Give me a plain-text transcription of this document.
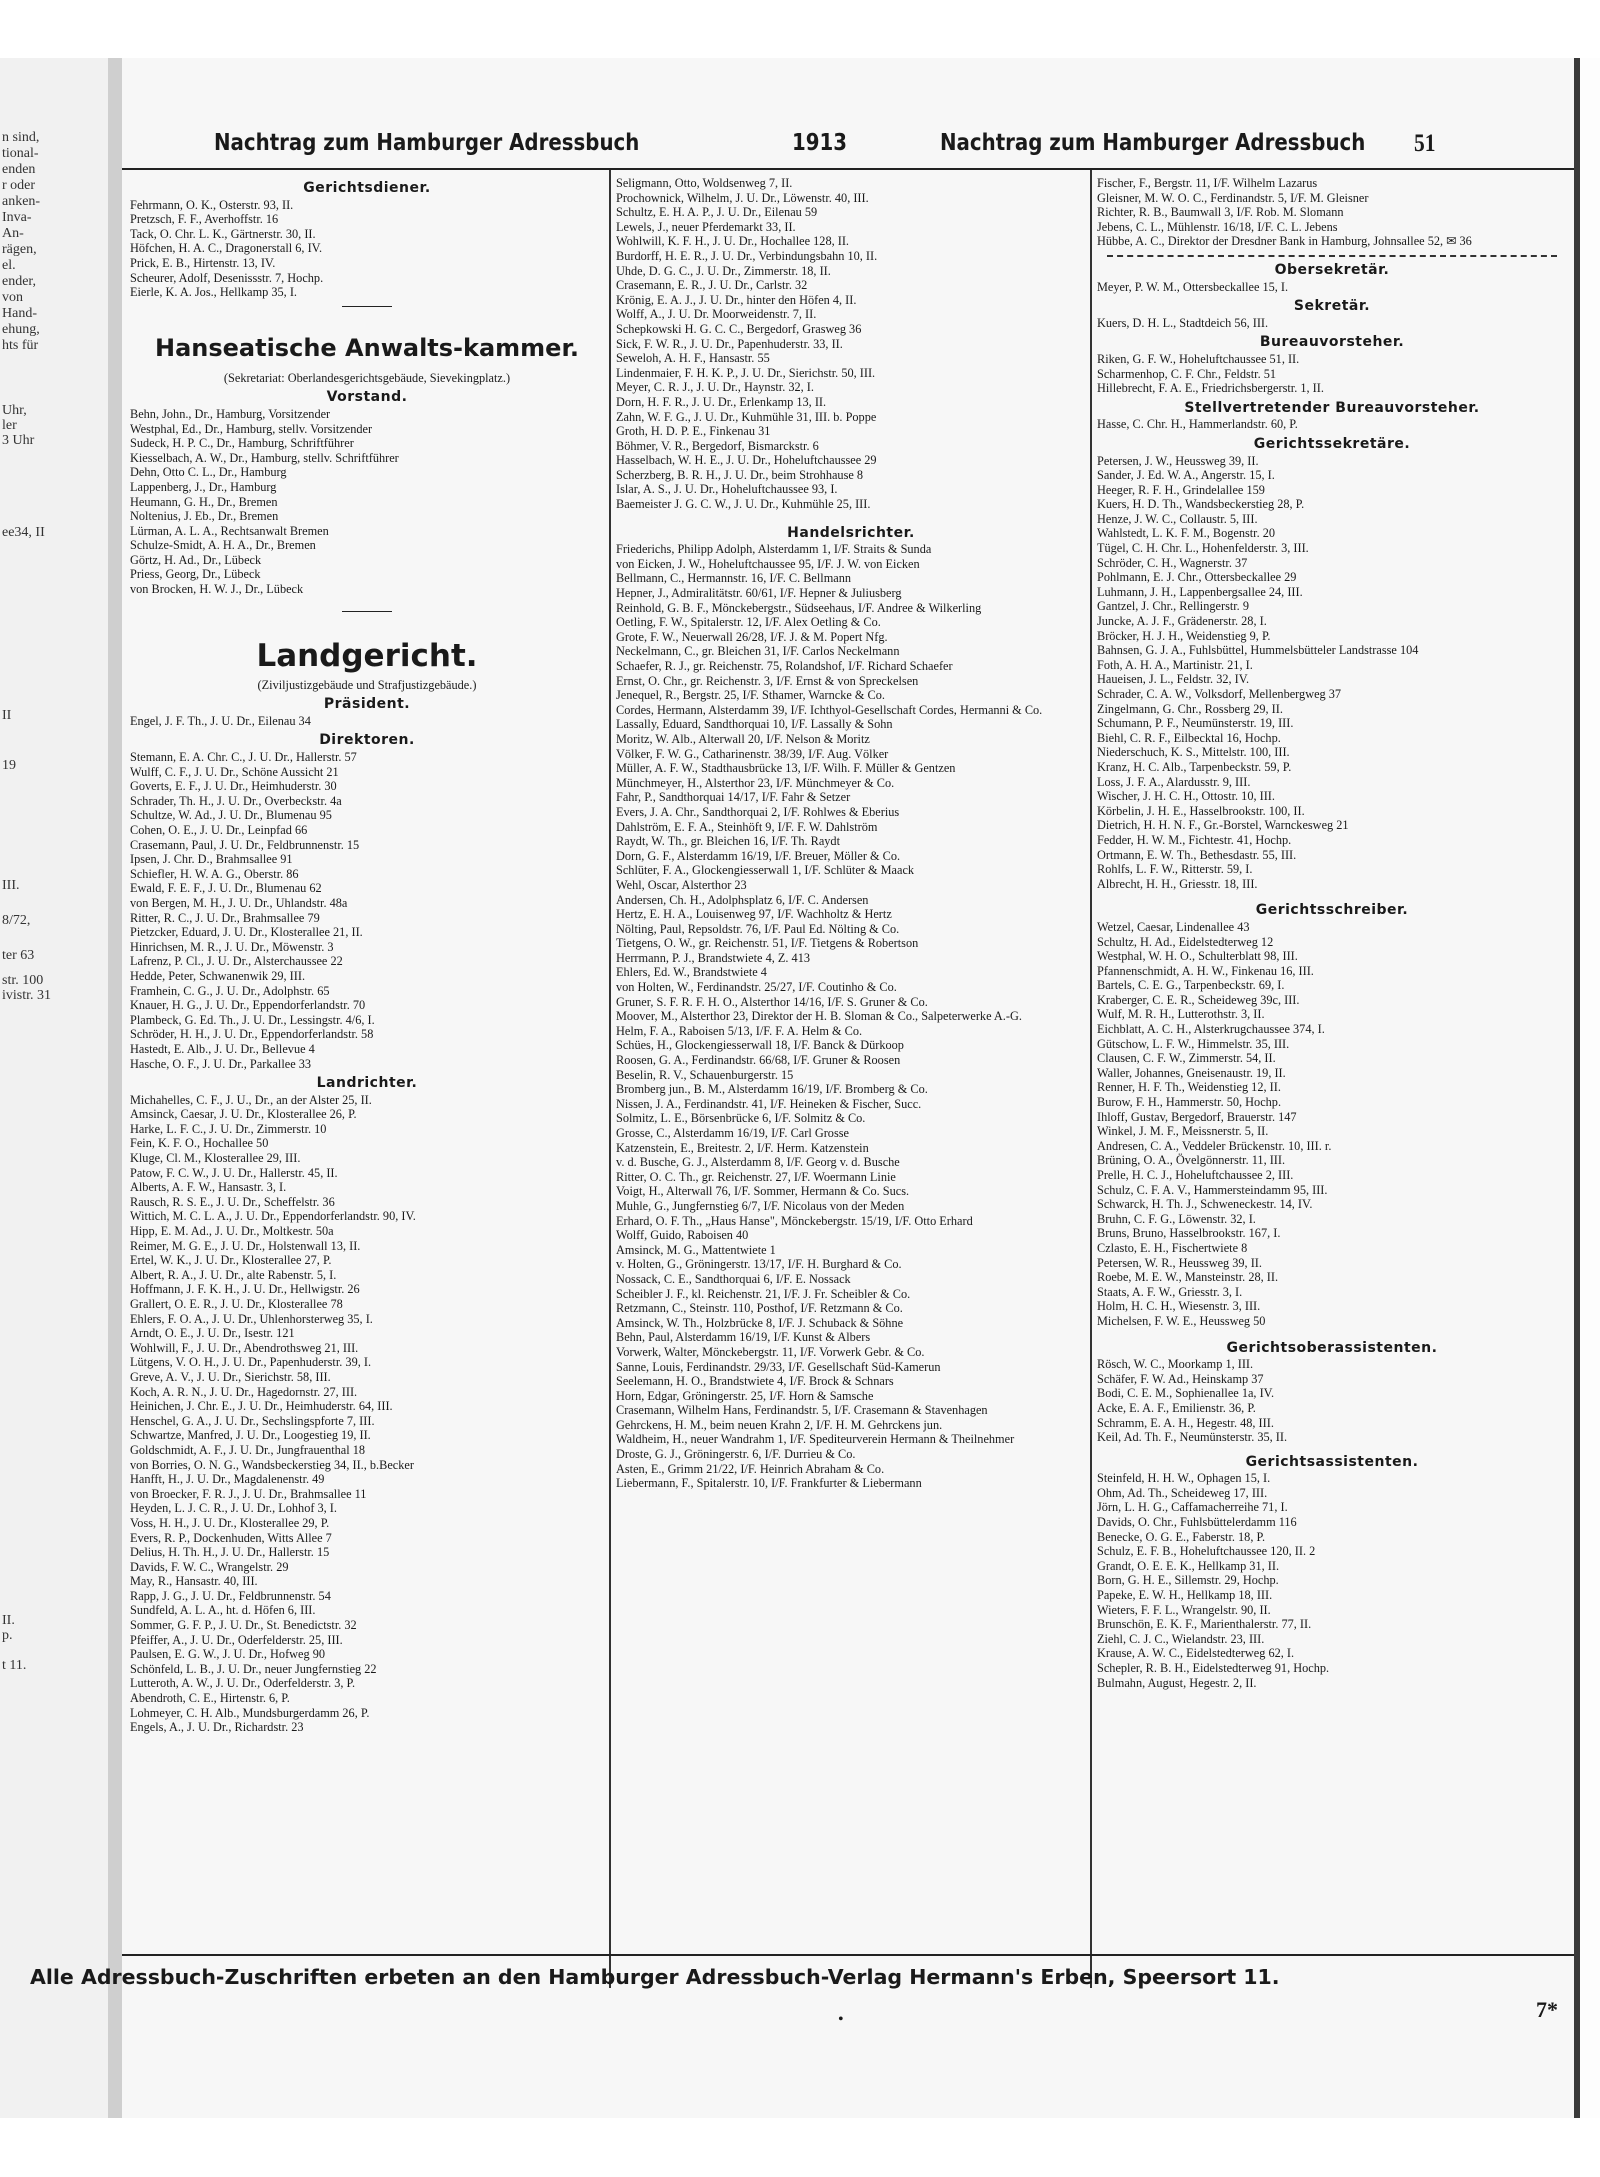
n sind,
tional-
enden
r oder
anken-
Inva-
An-
rägen,
el.
ender,
von
Hand-
ehung,
hts für
Uhr,
ler
3 Uhr
ee34, II
II
19
III.
8/72,
ter 63
str. 100
ivistr. 31
II.
p.
t 11.
Nachtrag zum Hamburger Adressbuch	1913	Nachtrag zum Hamburger Adressbuch 51
Gerichtsdiener.
Fehrmann, O. K., Osterstr. 93, II.
Pretzsch, F. F., Averhoffstr. 16
Tack, O. Chr. L. K., Gärtnerstr. 30, II.
Höfchen, H. A. C., Dragonerstall 6, IV.
Prick, E. B., Hirtenstr. 13, IV.
Scheurer, Adolf, Desenissstr. 7, Hochp.
Eierle, K. A. Jos., Hellkamp 35, I.
Hanseatische Anwalts-kammer.
(Sekretariat: Oberlandesgerichtsgebäude, Sievekingplatz.)
Vorstand.
Behn, John., Dr., Hamburg, Vorsitzender
Westphal, Ed., Dr., Hamburg, stellv. Vorsitzender
Sudeck, H. P. C., Dr., Hamburg, Schriftführer
Kiesselbach, A. W., Dr., Hamburg, stellv. Schriftführer
Dehn, Otto C. L., Dr., Hamburg
Lappenberg, J., Dr., Hamburg
Heumann, G. H., Dr., Bremen
Noltenius, J. Eb., Dr., Bremen
Lürman, A. L. A., Rechtsanwalt Bremen
Schulze-Smidt, A. H. A., Dr., Bremen
Görtz, H. Ad., Dr., Lübeck
Priess, Georg, Dr., Lübeck
von Brocken, H. W. J., Dr., Lübeck
Landgericht.
(Ziviljustizgebäude und Strafjustizgebäude.)
Präsident.
Engel, J. F. Th., J. U. Dr., Eilenau 34
Direktoren.
Stemann, E. A. Chr. C., J. U. Dr., Hallerstr. 57
Wulff, C. F., J. U. Dr., Schöne Aussicht 21
Goverts, E. F., J. U. Dr., Heimhuderstr. 30
Schrader, Th. H., J. U. Dr., Overbeckstr. 4a
Schultze, W. Ad., J. U. Dr., Blumenau 95
Cohen, O. E., J. U. Dr., Leinpfad 66
Crasemann, Paul, J. U. Dr., Feldbrunnenstr. 15
Ipsen, J. Chr. D., Brahmsallee 91
Schiefler, H. W. A. G., Oberstr. 86
Ewald, F. E. F., J. U. Dr., Blumenau 62
von Bergen, M. H., J. U. Dr., Uhlandstr. 48a
Ritter, R. C., J. U. Dr., Brahmsallee 79
Pietzcker, Eduard, J. U. Dr., Klosterallee 21, II.
Hinrichsen, M. R., J. U. Dr., Möwenstr. 3
Lafrenz, P. Cl., J. U. Dr., Alsterchaussee 22
Hedde, Peter, Schwanenwik 29, III.
Framhein, C. G., J. U. Dr., Adolphstr. 65
Knauer, H. G., J. U. Dr., Eppendorferlandstr. 70
Plambeck, G. Ed. Th., J. U. Dr., Lessingstr. 4/6, I.
Schröder, H. H., J. U. Dr., Eppendorferlandstr. 58
Hastedt, E. Alb., J. U. Dr., Bellevue 4
Hasche, O. F., J. U. Dr., Parkallee 33
Landrichter.
Michahelles, C. F., J. U., Dr., an der Alster 25, II.
Amsinck, Caesar, J. U. Dr., Klosterallee 26, P.
Harke, L. F. C., J. U. Dr., Zimmerstr. 10
Fein, K. F. O., Hochallee 50
Kluge, Cl. M., Klosterallee 29, III.
Patow, F. C. W., J. U. Dr., Hallerstr. 45, II.
Alberts, A. F. W., Hansastr. 3, I.
Rausch, R. S. E., J. U. Dr., Scheffelstr. 36
Wittich, M. C. L. A., J. U. Dr., Eppendorferlandstr. 90, IV.
Hipp, E. M. Ad., J. U. Dr., Moltkestr. 50a
Reimer, M. G. E., J. U. Dr., Holstenwall 13, II.
Ertel, W. K., J. U. Dr., Klosterallee 27, P.
Albert, R. A., J. U. Dr., alte Rabenstr. 5, I.
Hoffmann, J. F. K. H., J. U. Dr., Hellwigstr. 26
Grallert, O. E. R., J. U. Dr., Klosterallee 78
Ehlers, F. O. A., J. U. Dr., Uhlenhorsterweg 35, I.
Arndt, O. E., J. U. Dr., Isestr. 121
Wohlwill, F., J. U. Dr., Abendrothsweg 21, III.
Lütgens, V. O. H., J. U. Dr., Papenhuderstr. 39, I.
Greve, A. V., J. U. Dr., Sierichstr. 58, III.
Koch, A. R. N., J. U. Dr., Hagedornstr. 27, III.
Heinichen, J. Chr. E., J. U. Dr., Heimhuderstr. 64, III.
Henschel, G. A., J. U. Dr., Sechslingspforte 7, III.
Schwartze, Manfred, J. U. Dr., Loogestieg 19, II.
Goldschmidt, A. F., J. U. Dr., Jungfrauenthal 18
von Borries, O. N. G., Wandsbeckerstieg 34, II., b.Becker
Hanfft, H., J. U. Dr., Magdalenenstr. 49
von Broecker, F. R. J., J. U. Dr., Brahmsallee 11
Heyden, L. J. C. R., J. U. Dr., Lohhof 3, I.
Voss, H. H., J. U. Dr., Klosterallee 29, P.
Evers, R. P., Dockenhuden, Witts Allee 7
Delius, H. Th. H., J. U. Dr., Hallerstr. 15
Davids, F. W. C., Wrangelstr. 29
May, R., Hansastr. 40, III.
Rapp, J. G., J. U. Dr., Feldbrunnenstr. 54
Sundfeld, A. L. A., ht. d. Höfen 6, III.
Sommer, G. F. P., J. U. Dr., St. Benedictstr. 32
Pfeiffer, A., J. U. Dr., Oderfelderstr. 25, III.
Paulsen, E. G. W., J. U. Dr., Hofweg 90
Schönfeld, L. B., J. U. Dr., neuer Jungfernstieg 22
Lutteroth, A. W., J. U. Dr., Oderfelderstr. 3, P.
Abendroth, C. E., Hirtenstr. 6, P.
Lohmeyer, C. H. Alb., Mundsburgerdamm 26, P.
Engels, A., J. U. Dr., Richardstr. 23
Seligmann, Otto, Woldsenweg 7, II.
Prochownick, Wilhelm, J. U. Dr., Löwenstr. 40, III.
Schultz, E. H. A. P., J. U. Dr., Eilenau 59
Lewels, J., neuer Pferdemarkt 33, II.
Wohlwill, K. F. H., J. U. Dr., Hochallee 128, II.
Burdorff, H. E. R., J. U. Dr., Verbindungsbahn 10, II.
Uhde, D. G. C., J. U. Dr., Zimmerstr. 18, II.
Crasemann, E. R., J. U. Dr., Carlstr. 32
Krönig, E. A. J., J. U. Dr., hinter den Höfen 4, II.
Wolff, A., J. U. Dr. Moorweidenstr. 7, II.
Schepkowski H. G. C. C., Bergedorf, Grasweg 36
Sick, F. W. R., J. U. Dr., Papenhuderstr. 33, II.
Seweloh, A. H. F., Hansastr. 55
Lindenmaier, F. H. K. P., J. U. Dr., Sierichstr. 50, III.
Meyer, C. R. J., J. U. Dr., Haynstr. 32, I.
Dorn, H. F. R., J. U. Dr., Erlenkamp 13, II.
Zahn, W. F. G., J. U. Dr., Kuhmühle 31, III. b. Poppe
Groth, H. D. P. E., Finkenau 31
Böhmer, V. R., Bergedorf, Bismarckstr. 6
Hasselbach, W. H. E., J. U. Dr., Hoheluftchaussee 29
Scherzberg, B. R. H., J. U. Dr., beim Strohhause 8
Islar, A. S., J. U. Dr., Hoheluftchaussee 93, I.
Baemeister J. G. C. W., J. U. Dr., Kuhmühle 25, III.
Handelsrichter.
Friederichs, Philipp Adolph, Alsterdamm 1, I/F. Straits & Sunda
von Eicken, J. W., Hoheluftchaussee 95, I/F. J. W. von Eicken
Bellmann, C., Hermannstr. 16, I/F. C. Bellmann
Hepner, J., Admiralitätstr. 60/61, I/F. Hepner & Juliusberg
Reinhold, G. B. F., Mönckebergstr., Südseehaus, I/F. Andree & Wilkerling
Oetling, F. W., Spitalerstr. 12, I/F. Alex Oetling & Co.
Grote, F. W., Neuerwall 26/28, I/F. J. & M. Popert Nfg.
Neckelmann, C., gr. Bleichen 31, I/F. Carlos Neckelmann
Schaefer, R. J., gr. Reichenstr. 75, Rolandshof, I/F. Richard Schaefer
Ernst, O. Chr., gr. Reichenstr. 3, I/F. Ernst & von Spreckelsen
Jenequel, R., Bergstr. 25, I/F. Sthamer, Warncke & Co.
Cordes, Hermann, Alsterdamm 39, I/F. Ichthyol-Gesellschaft Cordes, Hermanni & Co.
Lassally, Eduard, Sandthorquai 10, I/F. Lassally & Sohn
Moritz, W. Alb., Alterwall 20, I/F. Nelson & Moritz
Völker, F. W. G., Catharinenstr. 38/39, I/F. Aug. Völker
Müller, A. F. W., Stadthausbrücke 13, I/F. Wilh. F. Müller & Gentzen
Münchmeyer, H., Alsterthor 23, I/F. Münchmeyer & Co.
Fahr, P., Sandthorquai 14/17, I/F. Fahr & Setzer
Evers, J. A. Chr., Sandthorquai 2, I/F. Rohlwes & Eberius
Dahlström, E. F. A., Steinhöft 9, I/F. F. W. Dahlström
Raydt, W. Th., gr. Bleichen 16, I/F. Th. Raydt
Dorn, G. F., Alsterdamm 16/19, I/F. Breuer, Möller & Co.
Schlüter, F. A., Glockengiesserwall 1, I/F. Schlüter & Maack
Wehl, Oscar, Alsterthor 23
Andersen, Ch. H., Adolphsplatz 6, I/F. C. Andersen
Hertz, E. H. A., Louisenweg 97, I/F. Wachholtz & Hertz
Nölting, Paul, Repsoldstr. 76, I/F. Paul Ed. Nölting & Co.
Tietgens, O. W., gr. Reichenstr. 51, I/F. Tietgens & Robertson
Herrmann, P. J., Brandstwiete 4, Z. 413
Ehlers, Ed. W., Brandstwiete 4
von Holten, W., Ferdinandstr. 25/27, I/F. Coutinho & Co.
Gruner, S. F. R. F. H. O., Alsterthor 14/16, I/F. S. Gruner & Co.
Moover, M., Alsterthor 23, Direktor der H. B. Sloman & Co., Salpeterwerke A.-G.
Helm, F. A., Raboisen 5/13, I/F. F. A. Helm & Co.
Schües, H., Glockengiesserwall 18, I/F. Banck & Dürkoop
Roosen, G. A., Ferdinandstr. 66/68, I/F. Gruner & Roosen
Beselin, R. V., Schauenburgerstr. 15
Bromberg jun., B. M., Alsterdamm 16/19, I/F. Bromberg & Co.
Nissen, J. A., Ferdinandstr. 41, I/F. Heineken & Fischer, Succ.
Solmitz, L. E., Börsenbrücke 6, I/F. Solmitz & Co.
Grosse, C., Alsterdamm 16/19, I/F. Carl Grosse
Katzenstein, E., Breitestr. 2, I/F. Herm. Katzenstein
v. d. Busche, G. J., Alsterdamm 8, I/F. Georg v. d. Busche
Ritter, O. C. Th., gr. Reichenstr. 27, I/F. Woermann Linie
Voigt, H., Alterwall 76, I/F. Sommer, Hermann & Co. Sucs.
Muhle, G., Jungfernstieg 6/7, I/F. Nicolaus von der Meden
Erhard, O. F. Th., „Haus Hanse", Mönckebergstr. 15/19, I/F. Otto Erhard
Wolff, Guido, Raboisen 40
Amsinck, M. G., Mattentwiete 1
v. Holten, G., Gröningerstr. 13/17, I/F. H. Burghard & Co.
Nossack, C. E., Sandthorquai 6, I/F. E. Nossack
Scheibler J. F., kl. Reichenstr. 21, I/F. J. Fr. Scheibler & Co.
Retzmann, C., Steinstr. 110, Posthof, I/F. Retzmann & Co.
Amsinck, W. Th., Holzbrücke 8, I/F. J. Schuback & Söhne
Behn, Paul, Alsterdamm 16/19, I/F. Kunst & Albers
Vorwerk, Walter, Mönckebergstr. 11, I/F. Vorwerk Gebr. & Co.
Sanne, Louis, Ferdinandstr. 29/33, I/F. Gesellschaft Süd-Kamerun
Seelemann, H. O., Brandstwiete 4, I/F. Brock & Schnars
Horn, Edgar, Gröningerstr. 25, I/F. Horn & Samsche
Crasemann, Wilhelm Hans, Ferdinandstr. 5, I/F. Crasemann & Stavenhagen
Gehrckens, H. M., beim neuen Krahn 2, I/F. H. M. Gehrckens jun.
Waldheim, H., neuer Wandrahm 1, I/F. Spediteurverein Hermann & Theilnehmer
Droste, G. J., Gröningerstr. 6, I/F. Durrieu & Co.
Asten, E., Grimm 21/22, I/F. Heinrich Abraham & Co.
Liebermann, F., Spitalerstr. 10, I/F. Frankfurter & Liebermann
Fischer, F., Bergstr. 11, I/F. Wilhelm Lazarus
Gleisner, M. W. O. C., Ferdinandstr. 5, I/F. M. Gleisner
Richter, R. B., Baumwall 3, I/F. Rob. M. Slomann
Jebens, C. L., Mühlenstr. 16/18, I/F. C. L. Jebens
Hübbe, A. C., Direktor der Dresdner Bank in Hamburg, Johnsallee 52, ✉ 36
Obersekretär.
Meyer, P. W. M., Ottersbeckallee 15, I.
Sekretär.
Kuers, D. H. L., Stadtdeich 56, III.
Bureauvorsteher.
Riken, G. F. W., Hoheluftchaussee 51, II.
Scharmenhop, C. F. Chr., Feldstr. 51
Hillebrecht, F. A. E., Friedrichsbergerstr. 1, II.
Stellvertretender Bureauvorsteher.
Hasse, C. Chr. H., Hammerlandstr. 60, P.
Gerichtssekretäre.
Petersen, J. W., Heussweg 39, II.
Sander, J. Ed. W. A., Angerstr. 15, I.
Heeger, R. F. H., Grindelallee 159
Kuers, H. D. Th., Wandsbeckerstieg 28, P.
Henze, J. W. C., Collaustr. 5, III.
Wahlstedt, L. K. F. M., Bogenstr. 20
Tügel, C. H. Chr. L., Hohenfelderstr. 3, III.
Schröder, C. H., Wagnerstr. 37
Pohlmann, E. J. Chr., Ottersbeckallee 29
Luhmann, J. H., Lappenbergsallee 24, III.
Gantzel, J. Chr., Rellingerstr. 9
Juncke, A. J. F., Grädenerstr. 28, I.
Bröcker, H. J. H., Weidenstieg 9, P.
Bahnsen, G. J. A., Fuhlsbüttel, Hummelsbütteler Landstrasse 104
Foth, A. H. A., Martinistr. 21, I.
Haueisen, J. L., Feldstr. 32, IV.
Schrader, C. A. W., Volksdorf, Mellenbergweg 37
Zingelmann, G. Chr., Rossberg 29, II.
Schumann, P. F., Neumünsterstr. 19, III.
Biehl, C. R. F., Eilbecktal 16, Hochp.
Niederschuch, K. S., Mittelstr. 100, III.
Kranz, H. C. Alb., Tarpenbeckstr. 59, P.
Loss, J. F. A., Alardusstr. 9, III.
Wischer, J. H. C. H., Ottostr. 10, III.
Körbelin, J. H. E., Hasselbrookstr. 100, II.
Dietrich, H. H. N. F., Gr.-Borstel, Warnckesweg 21
Fedder, H. W. M., Fichtestr. 41, Hochp.
Ortmann, E. W. Th., Bethesdastr. 55, III.
Rohlfs, L. F. W., Ritterstr. 59, I.
Albrecht, H. H., Griesstr. 18, III.
Gerichtsschreiber.
Wetzel, Caesar, Lindenallee 43
Schultz, H. Ad., Eidelstedterweg 12
Westphal, W. H. O., Schulterblatt 98, III.
Pfannenschmidt, A. H. W., Finkenau 16, III.
Bartels, C. E. G., Tarpenbeckstr. 69, I.
Kraberger, C. E. R., Scheideweg 39c, III.
Wulf, M. R. H., Lutterothstr. 3, II.
Eichblatt, A. C. H., Alsterkrugchaussee 374, I.
Gütschow, L. F. W., Himmelstr. 35, III.
Clausen, C. F. W., Zimmerstr. 54, II.
Waller, Johannes, Gneisenaustr. 19, II.
Renner, H. F. Th., Weidenstieg 12, II.
Burow, F. H., Hammerstr. 50, Hochp.
Ihloff, Gustav, Bergedorf, Brauerstr. 147
Winkel, J. M. F., Meissnerstr. 5, II.
Andresen, C. A., Veddeler Brückenstr. 10, III. r.
Brüning, O. A., Övelgönnerstr. 11, III.
Prelle, H. C. J., Hoheluftchaussee 2, III.
Schulz, C. F. A. V., Hammersteindamm 95, III.
Schwarck, H. Th. J., Schweneckestr. 14, IV.
Bruhn, C. F. G., Löwenstr. 32, I.
Bruns, Bruno, Hasselbrookstr. 167, I.
Czlasto, E. H., Fischertwiete 8
Petersen, W. R., Heussweg 39, II.
Roebe, M. E. W., Mansteinstr. 28, II.
Staats, A. F. W., Griesstr. 3, I.
Holm, H. C. H., Wiesenstr. 3, III.
Michelsen, F. W. E., Heussweg 50
Gerichtsoberassistenten.
Rösch, W. C., Moorkamp 1, III.
Schäfer, F. W. Ad., Heinskamp 37
Bodi, C. E. M., Sophienallee 1a, IV.
Acke, E. A. F., Emilienstr. 36, P.
Schramm, E. A. H., Hegestr. 48, III.
Keil, Ad. Th. F., Neumünsterstr. 35, II.
Gerichtsassistenten.
Steinfeld, H. H. W., Ophagen 15, I.
Ohm, Ad. Th., Scheideweg 17, III.
Jörn, L. H. G., Caffamacherreihe 71, I.
Davids, O. Chr., Fuhlsbüttelerdamm 116
Benecke, O. G. E., Faberstr. 18, P.
Schulz, E. F. B., Hoheluftchaussee 120, II. 2
Grandt, O. E. E. K., Hellkamp 31, II.
Born, G. H. E., Sillemstr. 29, Hochp.
Papeke, E. W. H., Hellkamp 18, III.
Wieters, F. F. L., Wrangelstr. 90, II.
Brunschön, E. K. F., Marienthalerstr. 77, II.
Ziehl, C. J. C., Wielandstr. 23, III.
Krause, A. W. C., Eidelstedterweg 62, I.
Schepler, R. B. H., Eidelstedterweg 91, Hochp.
Bulmahn, August, Hegestr. 2, II.
Alle Adressbuch-Zuschriften erbeten an den Hamburger Adressbuch-Verlag Hermann's Erben, Speersort 11.
7*
•
